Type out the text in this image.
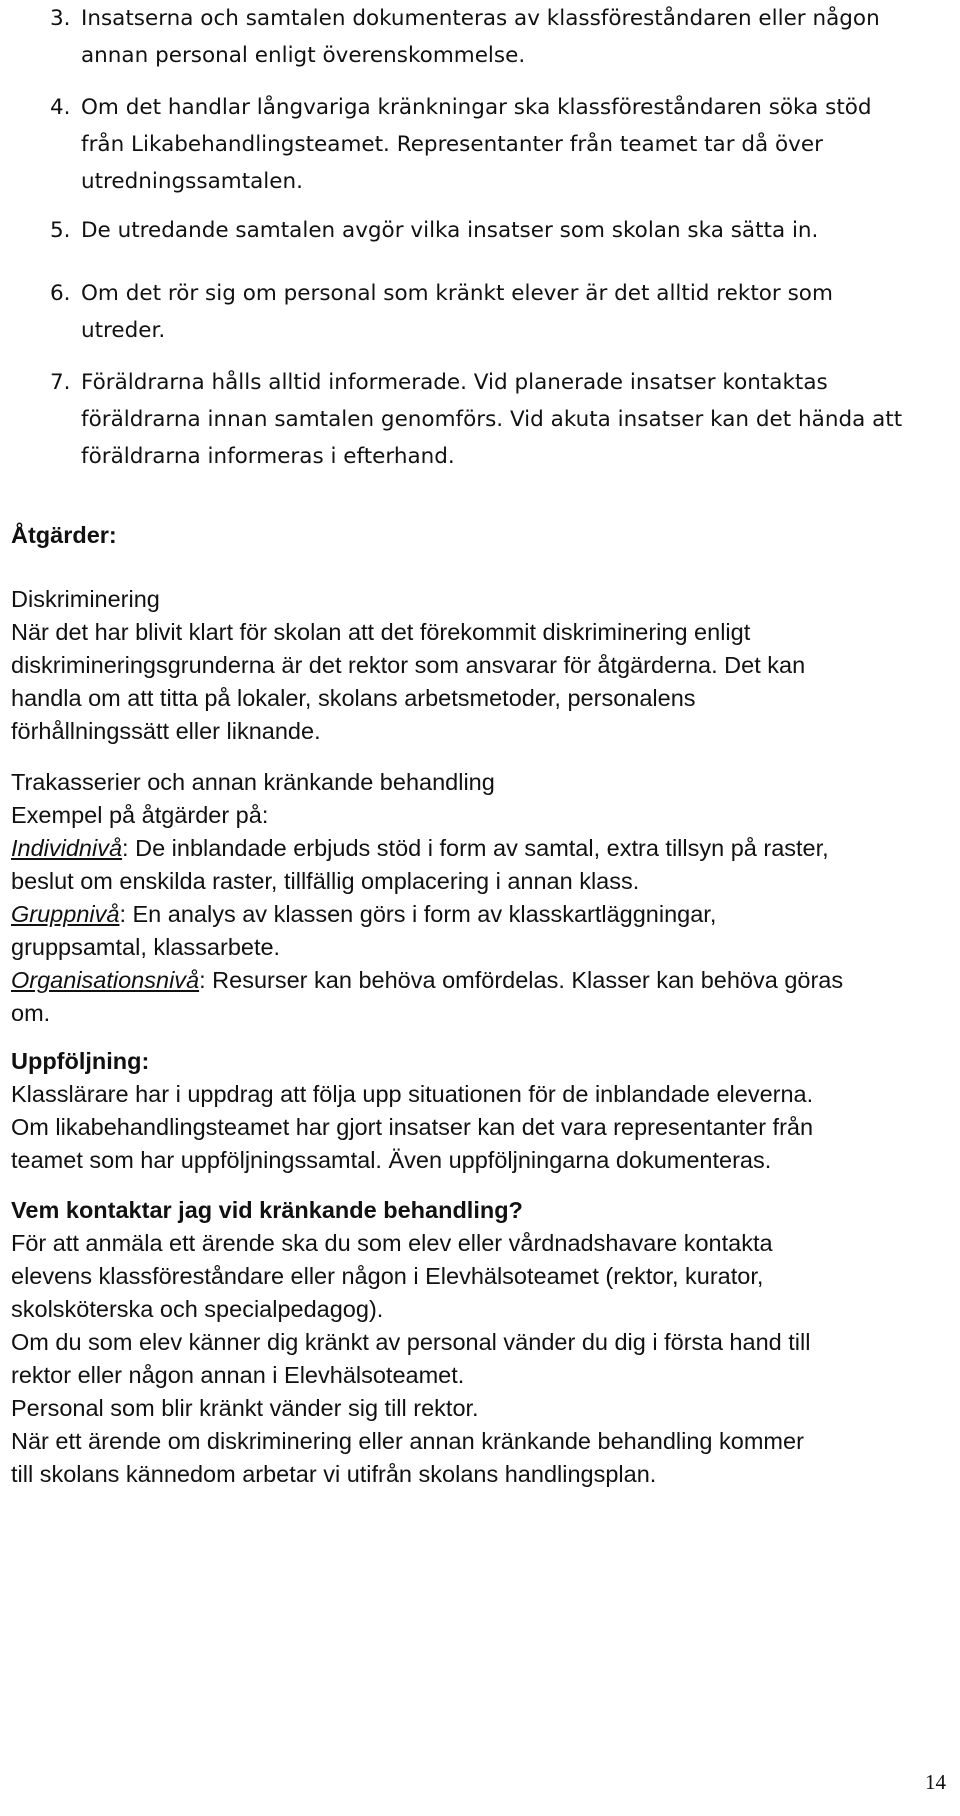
3. Insatserna och samtalen dokumenteras av klassföreståndaren eller någon
annan personal enligt överenskommelse.
4. Om det handlar långvariga kränkningar ska klassföreståndaren söka stöd
från Likabehandlingsteamet. Representanter från teamet tar då över
utredningssamtalen.
5. De utredande samtalen avgör vilka insatser som skolan ska sätta in.
6. Om det rör sig om personal som kränkt elever är det alltid rektor som
utreder.
7. Föräldrarna hålls alltid informerade. Vid planerade insatser kontaktas
föräldrarna innan samtalen genomförs. Vid akuta insatser kan det hända att
föräldrarna informeras i efterhand.
Åtgärder:
Diskriminering
När det har blivit klart för skolan att det förekommit diskriminering enligt
diskrimineringsgrunderna är det rektor som ansvarar för åtgärderna. Det kan
handla om att titta på lokaler, skolans arbetsmetoder, personalens
förhållningssätt eller liknande.
Trakasserier och annan kränkande behandling
Exempel på åtgärder på:
Individnivå: De inblandade erbjuds stöd i form av samtal, extra tillsyn på raster,
beslut om enskilda raster, tillfällig omplacering i annan klass.
Gruppnivå: En analys av klassen görs i form av klasskartläggningar,
gruppsamtal, klassarbete.
Organisationsnivå: Resurser kan behöva omfördelas. Klasser kan behöva göras
om.
Uppföljning:
Klasslärare har i uppdrag att följa upp situationen för de inblandade eleverna.
Om likabehandlingsteamet har gjort insatser kan det vara representanter från
teamet som har uppföljningssamtal. Även uppföljningarna dokumenteras.
Vem kontaktar jag vid kränkande behandling?
För att anmäla ett ärende ska du som elev eller vårdnadshavare kontakta
elevens klassföreståndare eller någon i Elevhälsoteamet (rektor, kurator,
skolsköterska och specialpedagog).
Om du som elev känner dig kränkt av personal vänder du dig i första hand till
rektor eller någon annan i Elevhälsoteamet.
Personal som blir kränkt vänder sig till rektor.
När ett ärende om diskriminering eller annan kränkande behandling kommer
till skolans kännedom arbetar vi utifrån skolans handlingsplan.
14
